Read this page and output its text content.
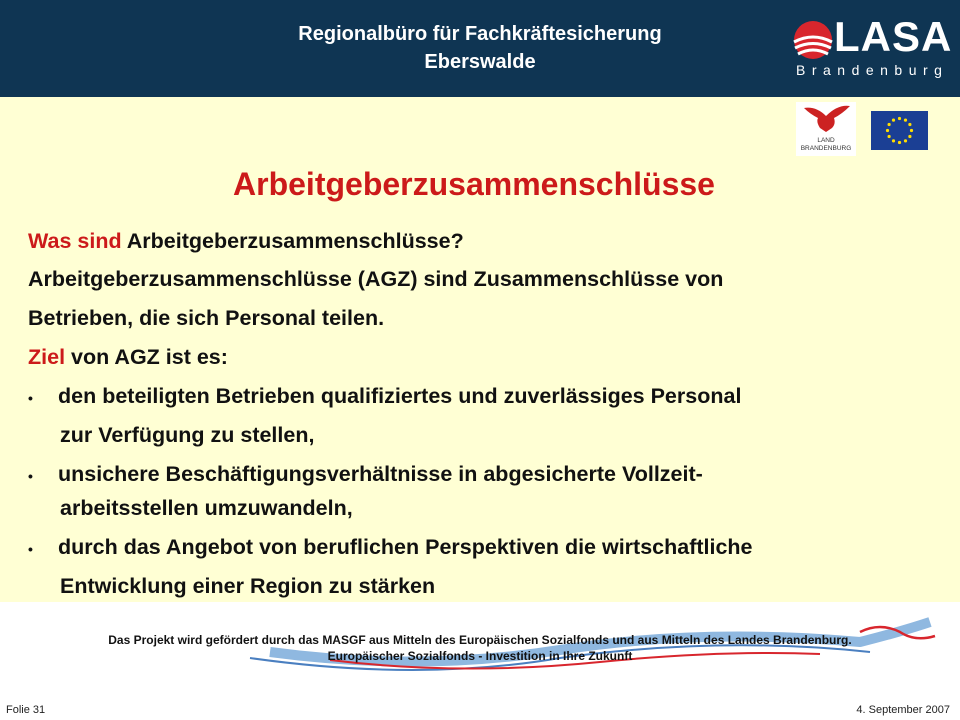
Regionalbüro für Fachkräftesicherung
Eberswalde
LASA
Brandenburg
LAND
BRANDENBURG
Arbeitgeberzusammenschlüsse
Was sind Arbeitgeberzusammenschlüsse?
Arbeitgeberzusammenschlüsse (AGZ) sind Zusammenschlüsse von
Betrieben, die sich Personal teilen.
Ziel von AGZ ist es:
• den beteiligten Betrieben qualifiziertes und zuverlässiges Personal
zur Verfügung zu stellen,
• unsichere Beschäftigungsverhältnisse in abgesicherte Vollzeit-
arbeitsstellen umzuwandeln,
• durch das Angebot von beruflichen Perspektiven die wirtschaftliche
Entwicklung einer Region zu stärken
Das Projekt wird gefördert durch das MASGF aus Mitteln des Europäischen Sozialfonds und aus Mitteln des Landes Brandenburg.
Europäischer Sozialfonds - Investition in Ihre Zukunft
Folie 31	4. September 2007
